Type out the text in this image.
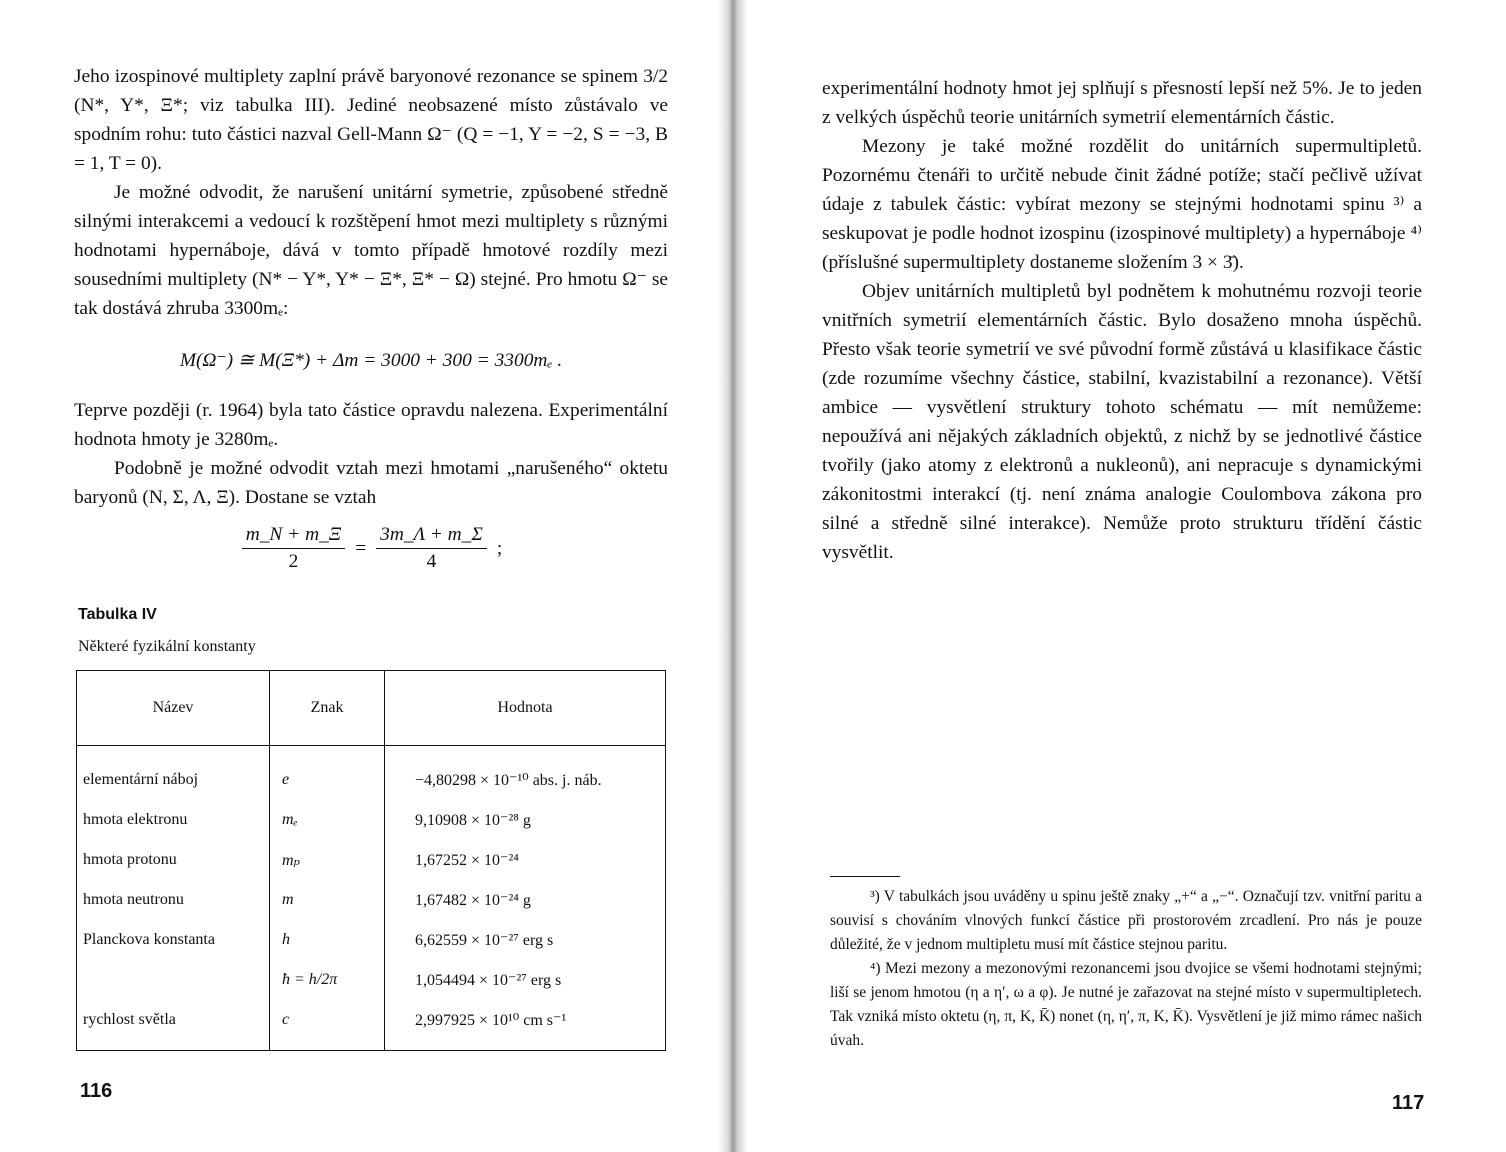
Jeho izospinové multiplety zaplní právě baryonové rezonance se spinem 3/2 (N*, Y*, Ξ*; viz tabulka III). Jediné neobsazené místo zůstávalo ve spodním rohu: tuto částici nazval Gell-Mann Ω⁻ (Q = −1, Y = −2, S = −3, B = 1, T = 0).

Je možné odvodit, že narušení unitární symetrie, způsobené středně silnými interakcemi a vedoucí k rozštěpení hmot mezi multiplety s různými hodnotami hypernáboje, dává v tomto případě hmotové rozdíly mezi sousedními multiplety (N* − Y*, Y* − Ξ*, Ξ* − Ω) stejné. Pro hmotu Ω⁻ se tak dostává zhruba 3300mₑ:

M(Ω⁻) ≅ M(Ξ*) + Δm = 3000 + 300 = 3300mₑ .

Teprve později (r. 1964) byla tato částice opravdu nalezena. Experimentální hodnota hmoty je 3280mₑ.

Podobně je možné odvodit vztah mezi hmotami „narušeného“ oktetu baryonů (N, Σ, Λ, Ξ). Dostane se vztah

$\frac{m\_N + m\_\Xi}{2} = \frac{3m\_\Lambda + m\_\Sigma}{4}$ ;

Tabulka IV

Některé fyzikální konstanty

Název	Znak	Hodnota
elementární náboj	e	−4,80298 × 10⁻¹⁰ abs. j. náb.
hmota elektronu	mₑ	9,10908 × 10⁻²⁸ g
hmota protonu	mₚ	1,67252 × 10⁻²⁴
hmota neutronu	m	1,67482 × 10⁻²⁴ g
Planckova konstanta	h	6,62559 × 10⁻²⁷ erg s
	ħ = h/2π	1,054494 × 10⁻²⁷ erg s
rychlost světla	c	2,997925 × 10¹⁰ cm s⁻¹
116

experimentální hodnoty hmot jej splňují s přesností lepší než 5%. Je to jeden z velkých úspěchů teorie unitárních symetrií elementárních částic.

Mezony je také možné rozdělit do unitárních supermultipletů. Pozornému čtenáři to určitě nebude činit žádné potíže; stačí pečlivě užívat údaje z tabulek částic: vybírat mezony se stejnými hodnotami spinu ³⁾ a seskupovat je podle hodnot izospinu (izospinové multiplety) a hypernáboje ⁴⁾ (příslušné supermultiplety dostaneme složením 3 × 3̄).

Objev unitárních multipletů byl podnětem k mohutnému rozvoji teorie vnitřních symetrií elementárních částic. Bylo dosaženo mnoha úspěchů. Přesto však teorie symetrií ve své původní formě zůstává u klasifikace částic (zde rozumíme všechny částice, stabilní, kvazistabilní a rezonance). Větší ambice — vysvětlení struktury tohoto schématu — mít nemůžeme: nepoužívá ani nějakých základních objektů, z nichž by se jednotlivé částice tvořily (jako atomy z elektronů a nukleonů), ani nepracuje s dynamickými zákonitostmi interakcí (tj. není známa analogie Coulombova zákona pro silné a středně silné interakce). Nemůže proto strukturu třídění částic vysvětlit.

³) V tabulkách jsou uváděny u spinu ještě znaky „+“ a „−“. Označují tzv. vnitřní paritu a souvisí s chováním vlnových funkcí částice při prostorovém zrcadlení. Pro nás je pouze důležité, že v jednom multipletu musí mít částice stejnou paritu.

⁴) Mezi mezony a mezonovými rezonancemi jsou dvojice se všemi hodnotami stejnými; liší se jenom hmotou (η a η′, ω a φ). Je nutné je zařazovat na stejné místo v supermultipletech. Tak vzniká místo oktetu (η, π, K, K̄) nonet (η, η′, π, K, K̄). Vysvětlení je již mimo rámec našich úvah.

117
